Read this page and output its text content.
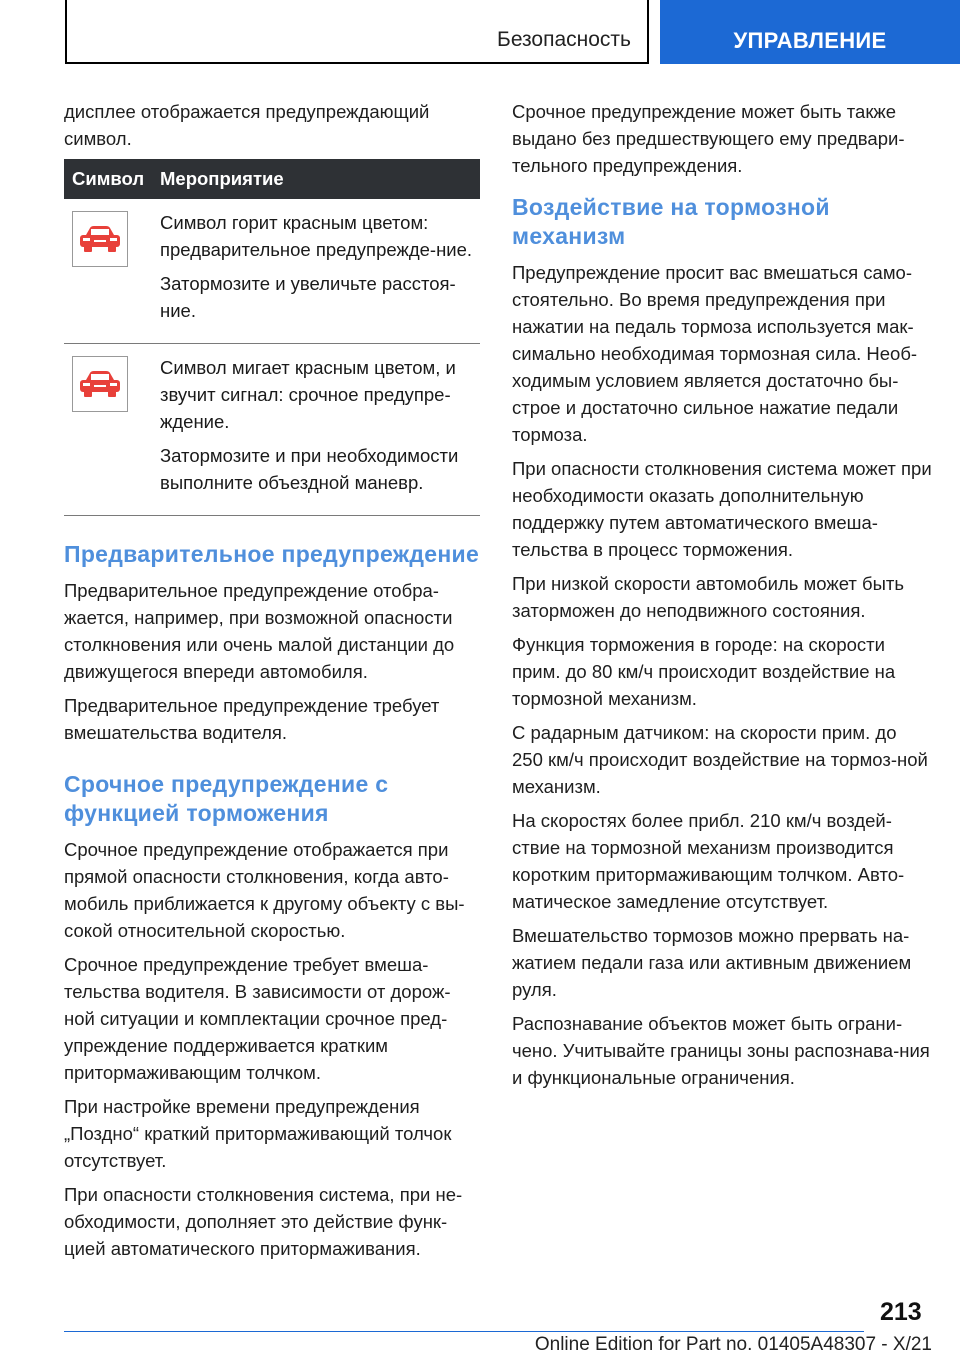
Безопасность	УПРАВЛЕНИЕ

дисплее отображается предупреждающий символ.

Символ Мероприятие

Символ горит красным цветом: предварительное предупрежде-ние.

Затормозите и увеличьте расстоя-ние.

Символ мигает красным цветом, и звучит сигнал: срочное предупре-ждение.

Затормозите и при необходимости выполните объездной маневр.

Предварительное предупреждение

Предварительное предупреждение отобра-жается, например, при возможной опасности столкновения или очень малой дистанции до движущегося впереди автомобиля.

Предварительное предупреждение требует вмешательства водителя.

Срочное предупреждение с функцией торможения

Срочное предупреждение отображается при прямой опасности столкновения, когда авто-мобиль приближается к другому объекту с вы-сокой относительной скоростью.

Срочное предупреждение требует вмеша-тельства водителя. В зависимости от дорож-ной ситуации и комплектации срочное пред-упреждение поддерживается кратким притормаживающим толчком.

При настройке времени предупреждения „Поздно“ краткий притормаживающий толчок отсутствует.

При опасности столкновения система, при не-обходимости, дополняет это действие функ-цией автоматического притормаживания.

Срочное предупреждение может быть также выдано без предшествующего ему предвари-тельного предупреждения.

Воздействие на тормозной механизм

Предупреждение просит вас вмешаться само-стоятельно. Во время предупреждения при нажатии на педаль тормоза используется мак-симально необходимая тормозная сила. Необ-ходимым условием является достаточно бы-строе и достаточно сильное нажатие педали тормоза.

При опасности столкновения система может при необходимости оказать дополнительную поддержку путем автоматического вмеша-тельства в процесс торможения.

При низкой скорости автомобиль может быть заторможен до неподвижного состояния.

Функция торможения в городе: на скорости прим. до 80 км/ч происходит воздействие на тормозной механизм.

С радарным датчиком: на скорости прим. до 250 км/ч происходит воздействие на тормоз-ной механизм.

На скоростях более прибл. 210 км/ч воздей-ствие на тормозной механизм производится коротким притормаживающим толчком. Авто-матическое замедление отсутствует.

Вмешательство тормозов можно прервать на-жатием педали газа или активным движением руля.

Распознавание объектов может быть ограни-чено. Учитывайте границы зоны распознава-ния и функциональные ограничения.

213
Online Edition for Part no. 01405A48307 - X/21
